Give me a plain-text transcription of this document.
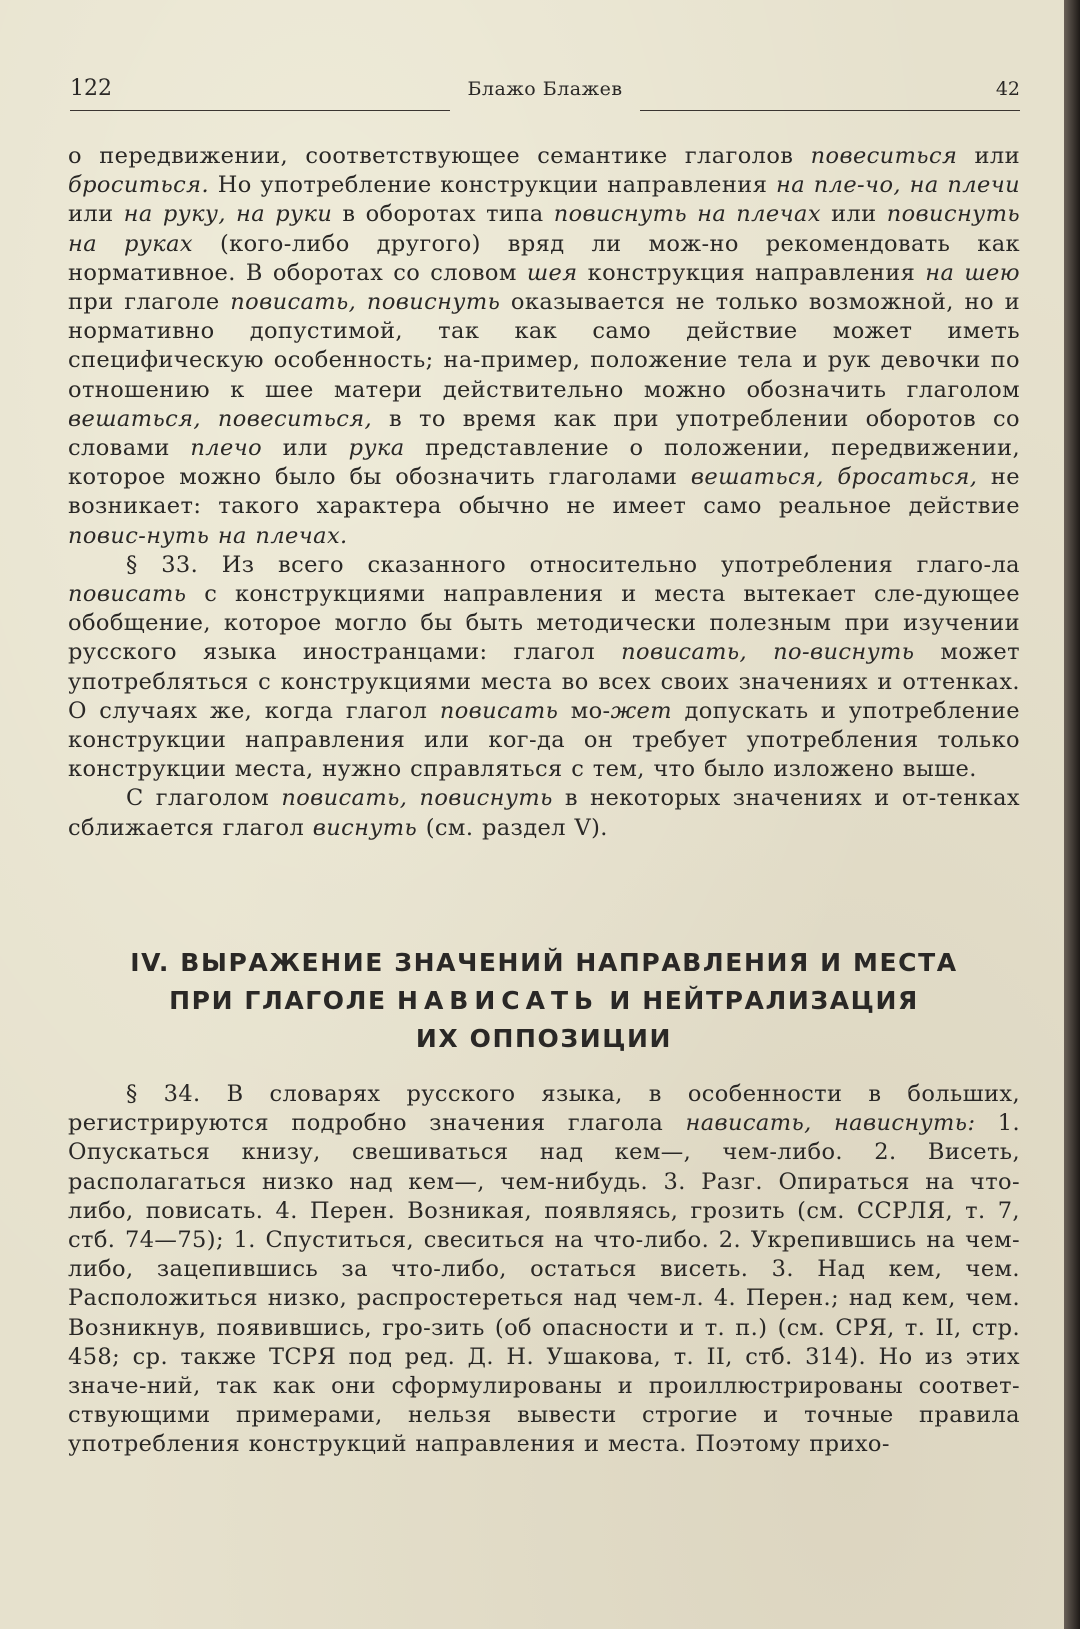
122	Блажо Блажев	42

о передвижении, соответствующее семантике глаголов повеситься или броситься. Но употребление конструкции направления на пле-чо, на плечи или на руку, на руки в оборотах типа повиснуть на плечах или повиснуть на руках (кого-либо другого) вряд ли мож-но рекомендовать как нормативное. В оборотах со словом шея конструкция направления на шею при глаголе повисать, повиснуть оказывается не только возможной, но и нормативно допустимой, так как само действие может иметь специфическую особенность; на-пример, положение тела и рук девочки по отношению к шее матери действительно можно обозначить глаголом вешаться, повеситься, в то время как при употреблении оборотов со словами плечо или рука представление о положении, передвижении, которое можно было бы обозначить глаголами вешаться, бросаться, не возникает: такого характера обычно не имеет само реальное действие повис-нуть на плечах.

§ 33. Из всего сказанного относительно употребления глаго-ла повисать с конструкциями направления и места вытекает сле-дующее обобщение, которое могло бы быть методически полезным при изучении русского языка иностранцами: глагол повисать, по-виснуть может употребляться с конструкциями места во всех своих значениях и оттенках. О случаях же, когда глагол повисать мо-жет допускать и употребление конструкции направления или ког-да он требует употребления только конструкции места, нужно справляться с тем, что было изложено выше.

С глаголом повисать, повиснуть в некоторых значениях и от-тенках сближается глагол виснуть (см. раздел V).

IV. ВЫРАЖЕНИЕ ЗНАЧЕНИЙ НАПРАВЛЕНИЯ И МЕСТА
ПРИ ГЛАГОЛЕ НАВИСАТЬ И НЕЙТРАЛИЗАЦИЯ
ИХ ОППОЗИЦИИ

§ 34. В словарях русского языка, в особенности в больших, регистрируются подробно значения глагола нависать, нависнуть: 1. Опускаться книзу, свешиваться над кем—, чем-либо. 2. Висеть, располагаться низко над кем—, чем-нибудь. 3. Разг. Опираться на что-либо, повисать. 4. Перен. Возникая, появляясь, грозить (см. ССРЛЯ, т. 7, стб. 74—75); 1. Спуститься, свеситься на что-либо. 2. Укрепившись на чем-либо, зацепившись за что-либо, остаться висеть. 3. Над кем, чем. Расположиться низко, распростереться над чем-л. 4. Перен.; над кем, чем. Возникнув, появившись, гро-зить (об опасности и т. п.) (см. СРЯ, т. II, стр. 458; ср. также ТСРЯ под ред. Д. Н. Ушакова, т. II, стб. 314). Но из этих значе-ний, так как они сформулированы и проиллюстрированы соответ-ствующими примерами, нельзя вывести строгие и точные правила употребления конструкций направления и места. Поэтому прихо-
